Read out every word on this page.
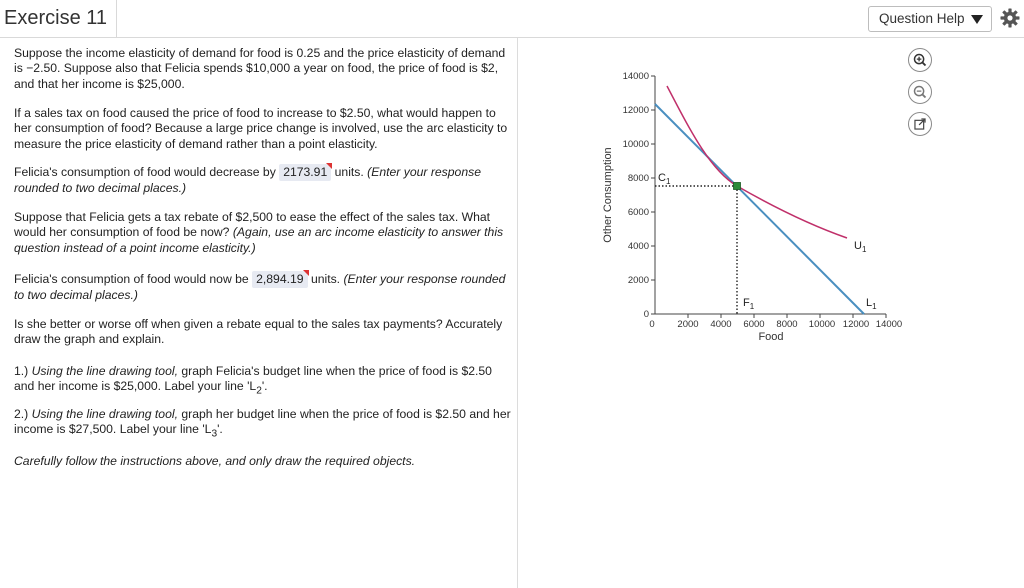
Exercise 11	Question Help

Suppose the income elasticity of demand for food is 0.25 and the price elasticity of demand is −2.50. Suppose also that Felicia spends $10,000 a year on food, the price of food is $2, and that her income is $25,000.

If a sales tax on food caused the price of food to increase to $2.50, what would happen to her consumption of food? Because a large price change is involved, use the arc elasticity to measure the price elasticity of demand rather than a point elasticity.

Felicia's consumption of food would decrease by 2173.91 units. (Enter your response rounded to two decimal places.)

Suppose that Felicia gets a tax rebate of $2,500 to ease the effect of the sales tax. What would her consumption of food be now? (Again, use an arc income elasticity to answer this question instead of a point income elasticity.)

Felicia's consumption of food would now be 2,894.19 units. (Enter your response rounded to two decimal places.)

Is she better or worse off when given a rebate equal to the sales tax payments? Accurately draw the graph and explain.

1.) Using the line drawing tool, graph Felicia's budget line when the price of food is $2.50 and her income is $25,000. Label your line '$L_2$'.

2.) Using the line drawing tool, graph her budget line when the price of food is $2.50 and her income is $27,500. Label your line '$L_3$'.

Carefully follow the instructions above, and only draw the required objects.

14000
12000
10000
8000
6000
4000
2000
0
0 2000 4000 6000 8000 10000 12000 14000
Food
Other Consumption	$C_1$
$F_1$
$U_1$
$L_1$
